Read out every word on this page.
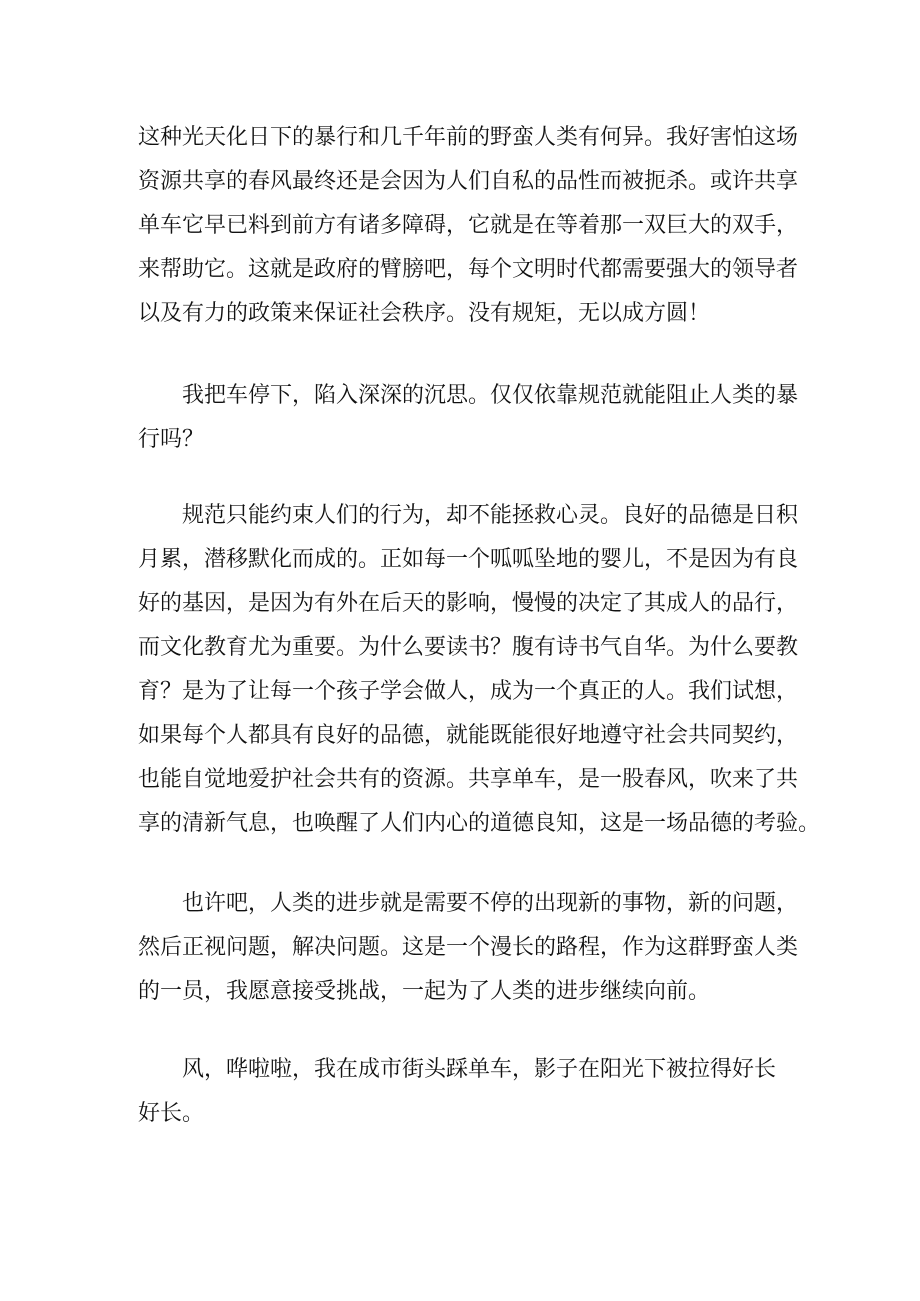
这种光天化日下的暴行和几千年前的野蛮人类有何异。我好害怕这场
资源共享的春风最终还是会因为人们自私的品性而被扼杀。或许共享
单车它早已料到前方有诸多障碍，它就是在等着那一双巨大的双手，
来帮助它。这就是政府的臂膀吧，每个文明时代都需要强大的领导者
以及有力的政策来保证社会秩序。没有规矩，无以成方圆！
我把车停下，陷入深深的沉思。仅仅依靠规范就能阻止人类的暴
行吗？
规范只能约束人们的行为，却不能拯救心灵。良好的品德是日积
月累，潜移默化而成的。正如每一个呱呱坠地的婴儿，不是因为有良
好的基因，是因为有外在后天的影响，慢慢的决定了其成人的品行，
而文化教育尤为重要。为什么要读书？腹有诗书气自华。为什么要教
育？是为了让每一个孩子学会做人，成为一个真正的人。我们试想，
如果每个人都具有良好的品德，就能既能很好地遵守社会共同契约，
也能自觉地爱护社会共有的资源。共享单车，是一股春风，吹来了共
享的清新气息，也唤醒了人们内心的道德良知，这是一场品德的考验。
也许吧，人类的进步就是需要不停的出现新的事物，新的问题，
然后正视问题，解决问题。这是一个漫长的路程，作为这群野蛮人类
的一员，我愿意接受挑战，一起为了人类的进步继续向前。
风，哗啦啦，我在成市街头踩单车，影子在阳光下被拉得好长
好长。
